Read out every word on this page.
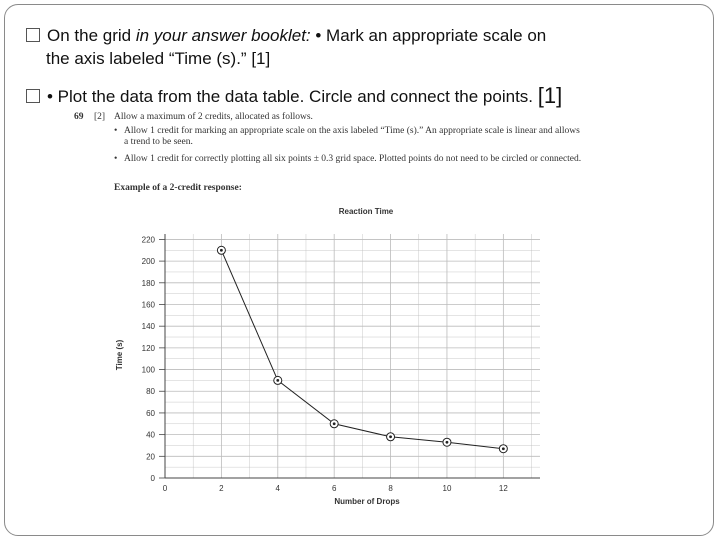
On the grid in your answer booklet: • Mark an appropriate scale on
the axis labeled “Time (s).” [1]
• Plot the data from the data table. Circle and connect the points. [1]
69 [2] Allow a maximum of 2 credits, allocated as follows.
• Allow 1 credit for marking an appropriate scale on the axis labeled “Time (s).” An appropriate scale is linear and allows a trend to be seen.
• Allow 1 credit for correctly plotting all six points ± 0.3 grid space. Plotted points do not need to be circled or connected.
Example of a 2-credit response:
Reaction Time
0
20
40
60
80
100
120
140
160
180
200
220
0	2	4	6	8	10	12
Number of Drops
Time (s)
